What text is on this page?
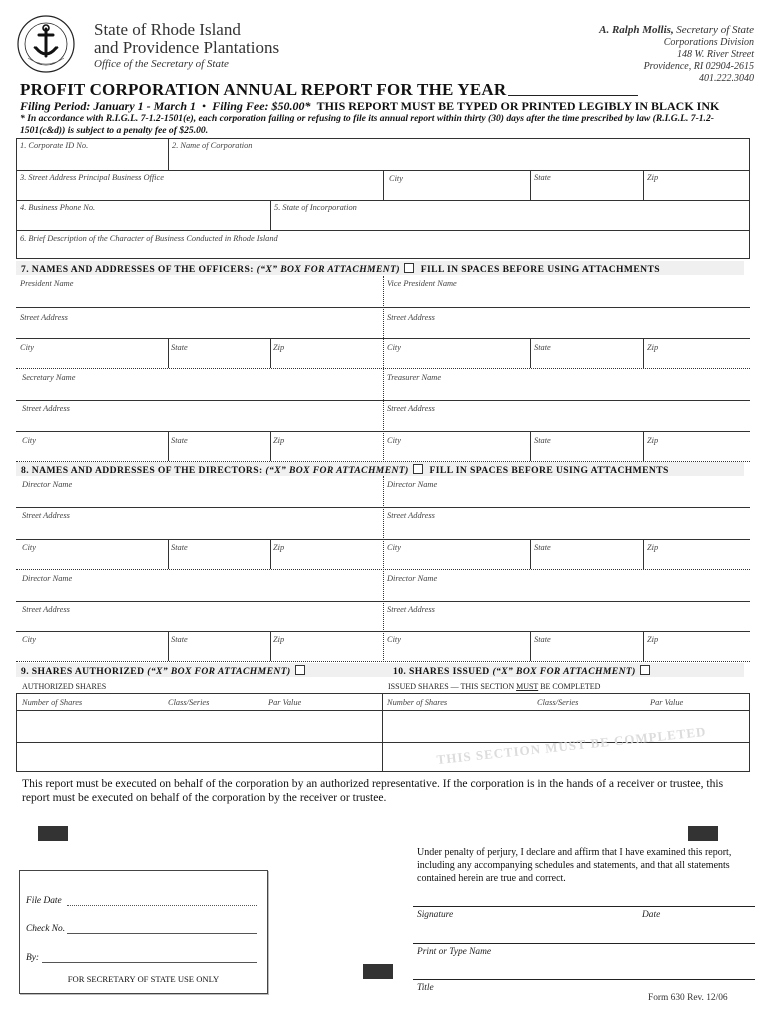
State of Rhode Island
and Providence Plantations
Office of the Secretary of State
A. Ralph Mollis, Secretary of State
Corporations Division
148 W. River Street
Providence, RI 02904-2615
401.222.3040
PROFIT CORPORATION ANNUAL REPORT FOR THE YEAR
Filing Period: January 1 - March 1 • Filing Fee: $50.00* THIS REPORT MUST BE TYPED OR PRINTED LEGIBLY IN BLACK INK
* In accordance with R.I.G.L. 7-1.2-1501(e), each corporation failing or refusing to file its annual report within thirty (30) days after the time prescribed by law (R.I.G.L. 7-1.2-1501(c&d)) is subject to a penalty fee of $25.00.
1. Corporate ID No.	2. Name of Corporation
3. Street Address Principal Business Office	City	State	Zip
4. Business Phone No.	5. State of Incorporation
6. Brief Description of the Character of Business Conducted in Rhode Island
7. NAMES AND ADDRESSES OF THE OFFICERS: (“X” BOX FOR ATTACHMENT) FILL IN SPACES BEFORE USING ATTACHMENTS
President Name	Vice President Name
Street Address	Street Address
City	State	Zip	City	State	Zip
Secretary Name	Treasurer Name
Street Address	Street Address
City	State	Zip	City	State	Zip
8. NAMES AND ADDRESSES OF THE DIRECTORS: (“X” BOX FOR ATTACHMENT) FILL IN SPACES BEFORE USING ATTACHMENTS
Director Name	Director Name
Street Address	Street Address
City	State	Zip	City	State	Zip
Director Name	Director Name
Street Address	Street Address
City	State	Zip	City	State	Zip
9. SHARES AUTHORIZED (“X” BOX FOR ATTACHMENT)	10. SHARES ISSUED (“X” BOX FOR ATTACHMENT)
AUTHORIZED SHARES	ISSUED SHARES — THIS SECTION MUST BE COMPLETED
Number of Shares	Class/Series	Par Value	Number of Shares	Class/Series	Par Value
THIS SECTION MUST BE COMPLETED
This report must be executed on behalf of the corporation by an authorized representative. If the corporation is in the hands of a receiver or trustee, this report must be executed on behalf of the corporation by the receiver or trustee.
Under penalty of perjury, I declare and affirm that I have examined this report, including any accompanying schedules and statements, and that all statements contained herein are true and correct.
Signature	Date
Print or Type Name
Title
File Date
Check No.
By:
FOR SECRETARY OF STATE USE ONLY
Form 630 Rev. 12/06
